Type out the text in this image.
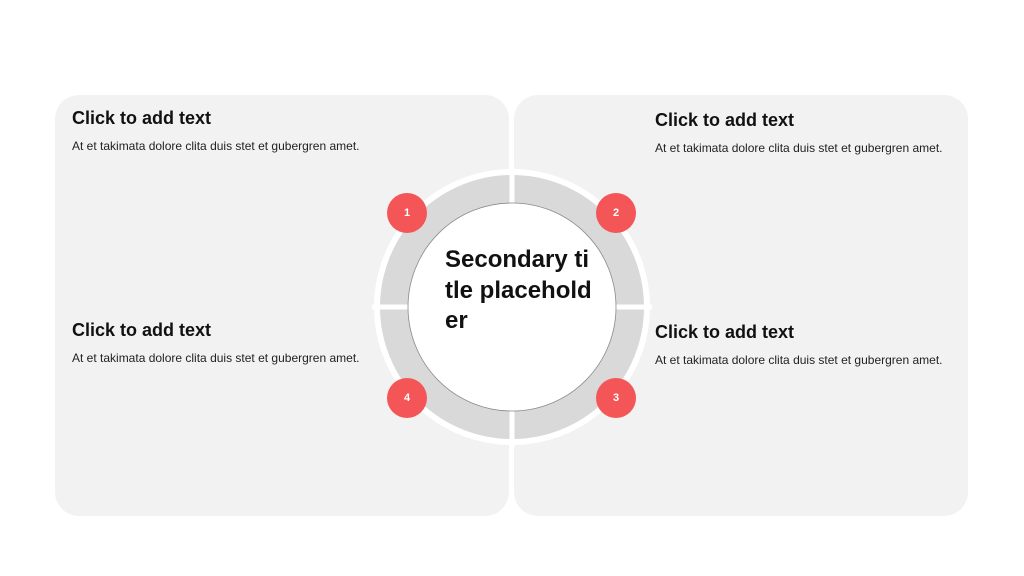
Click to add text

At et takimata dolore clita duis stet et gubergren amet.

Click to add text

At et takimata dolore clita duis stet et gubergren amet.

Click to add text

At et takimata dolore clita duis stet et gubergren amet.

Click to add text

At et takimata dolore clita duis stet et gubergren amet.

Secondary title placeholder
1	2
3
4
